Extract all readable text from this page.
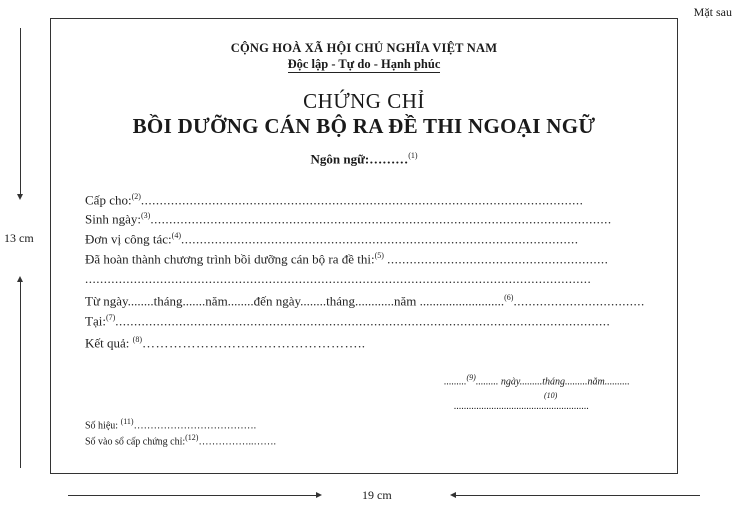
Mặt sau
13 cm
CỘNG HOÀ XÃ HỘI CHỦ NGHĨA VIỆT NAM
Độc lập - Tự do - Hạnh phúc
CHỨNG CHỈ
BỒI DƯỠNG CÁN BỘ RA ĐỀ THI NGOẠI NGỮ
Ngôn ngữ:………$^{(1)}$
Cấp cho:$^{(2)}$......................................................................................................................
Sinh ngày:$^{(3)}$...........................................................................................................................
Đơn vị công tác:$^{(4)}$..........................................................................................................
Đã hoàn thành chương trình bồi dưỡng cán bộ ra đề thi:$^{(5)}$ ...........................................................
.......................................................................................................................................
Từ ngày........tháng.......năm........đến ngày........tháng............năm ..........................$^{(6)}$...................................
Tại:$^{(7)}$....................................................................................................................................
Kết quả: $^{(8)}$…………………………………………..
.........$^{(9)}$......... ngày.........tháng.........năm..........
......................................................
$^{(10)}$
Số hiệu: $^{(11)}$……………………………….
Số vào sổ cấp chứng chỉ:$^{(12)}$……………..…….
19 cm
